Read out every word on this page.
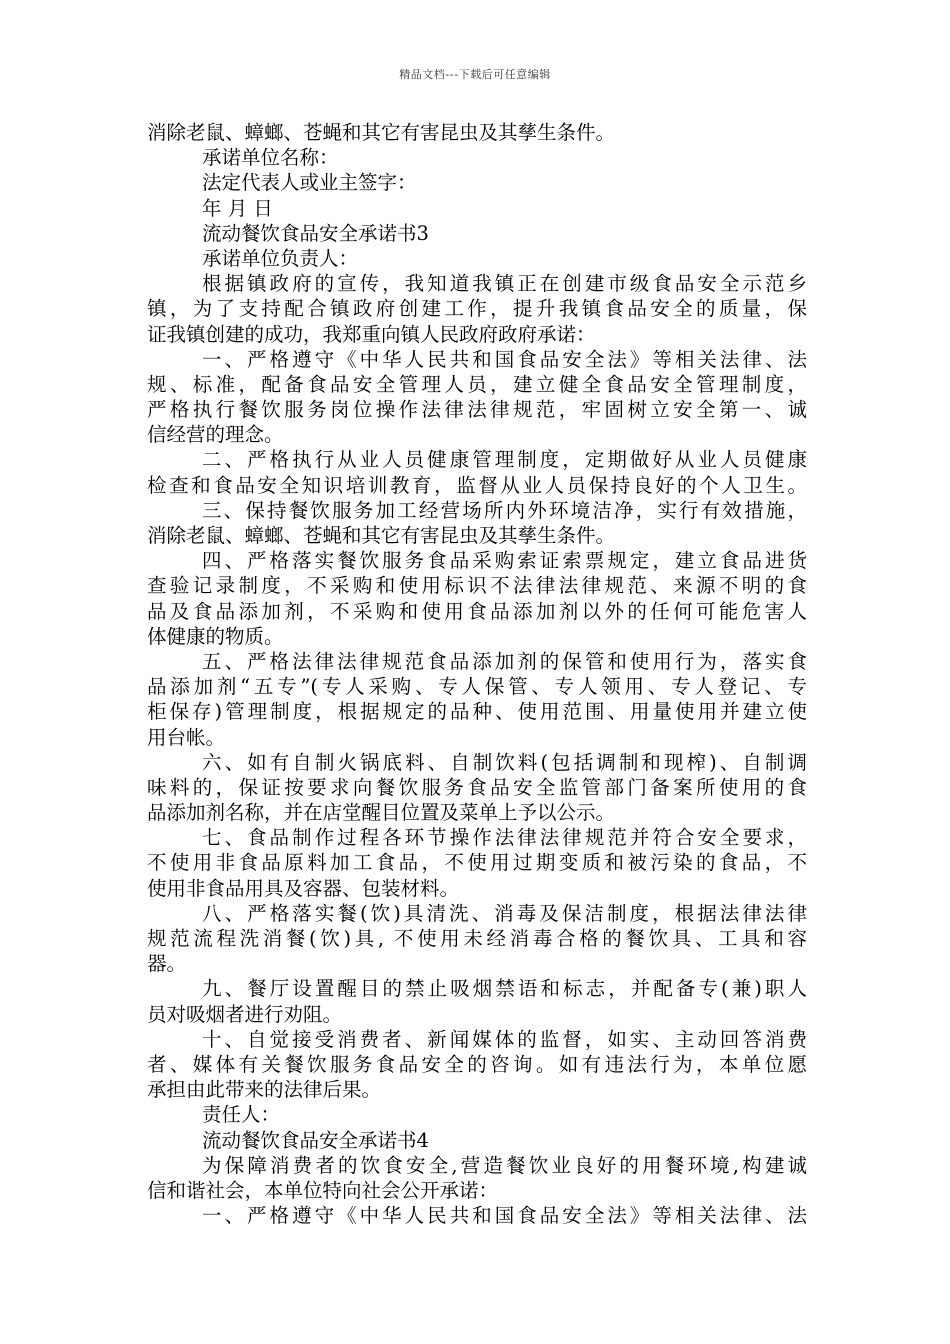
精品文档---下载后可任意编辑
消除老鼠、蟑螂、苍蝇和其它有害昆虫及其孳生条件。
承诺单位名称：
法定代表人或业主签字：
年 月 日
流动餐饮食品安全承诺书3
承诺单位负责人：
根据镇政府的宣传，我知道我镇正在创建市级食品安全示范乡
镇，为了支持配合镇政府创建工作，提升我镇食品安全的质量，保
证我镇创建的成功，我郑重向镇人民政府政府承诺：
一、严格遵守《中华人民共和国食品安全法》等相关法律、法
规、标准，配备食品安全管理人员，建立健全食品安全管理制度，
严格执行餐饮服务岗位操作法律法律规范，牢固树立安全第一、诚
信经营的理念。
二、严格执行从业人员健康管理制度，定期做好从业人员健康
检查和食品安全知识培训教育，监督从业人员保持良好的个人卫生。
三、保持餐饮服务加工经营场所内外环境洁净，实行有效措施，
消除老鼠、蟑螂、苍蝇和其它有害昆虫及其孳生条件。
四、严格落实餐饮服务食品采购索证索票规定，建立食品进货
查验记录制度，不采购和使用标识不法律法律规范、来源不明的食
品及食品添加剂，不采购和使用食品添加剂以外的任何可能危害人
体健康的物质。
五、严格法律法律规范食品添加剂的保管和使用行为，落实食
品添加剂“五专”(专人采购、专人保管、专人领用、专人登记、专
柜保存)管理制度，根据规定的品种、使用范围、用量使用并建立使
用台帐。
六、如有自制火锅底料、自制饮料(包括调制和现榨)、自制调
味料的，保证按要求向餐饮服务食品安全监管部门备案所使用的食
品添加剂名称，并在店堂醒目位置及菜单上予以公示。
七、食品制作过程各环节操作法律法律规范并符合安全要求，
不使用非食品原料加工食品，不使用过期变质和被污染的食品，不
使用非食品用具及容器、包装材料。
八、严格落实餐(饮)具清洗、消毒及保洁制度，根据法律法律
规范流程洗消餐(饮)具, 不使用未经消毒合格的餐饮具、工具和容
器。
九、餐厅设置醒目的禁止吸烟禁语和标志，并配备专(兼)职人
员对吸烟者进行劝阻。
十、自觉接受消费者、新闻媒体的监督，如实、主动回答消费
者、媒体有关餐饮服务食品安全的咨询。如有违法行为，本单位愿
承担由此带来的法律后果。
责任人：
流动餐饮食品安全承诺书4
为保障消费者的饮食安全,营造餐饮业良好的用餐环境,构建诚
信和谐社会，本单位特向社会公开承诺：
一、严格遵守《中华人民共和国食品安全法》等相关法律、法
